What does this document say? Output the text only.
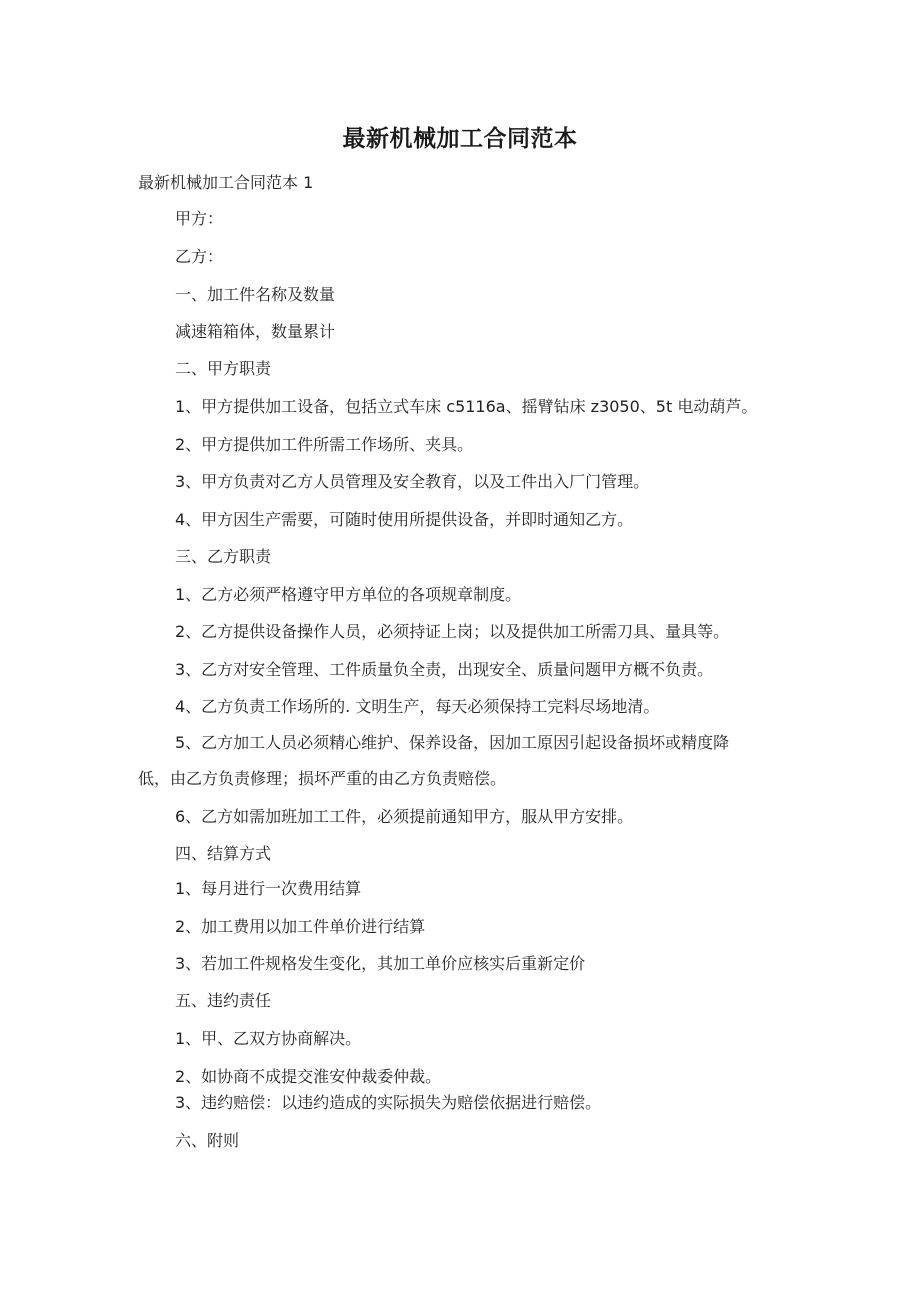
最新机械加工合同范本
最新机械加工合同范本 1
甲方：
乙方：
一、加工件名称及数量
减速箱箱体，数量累计
二、甲方职责
1、甲方提供加工设备，包括立式车床 c5116a、摇臂钻床 z3050、5t 电动葫芦。
2、甲方提供加工件所需工作场所、夹具。
3、甲方负责对乙方人员管理及安全教育，以及工件出入厂门管理。
4、甲方因生产需要，可随时使用所提供设备，并即时通知乙方。
三、乙方职责
1、乙方必须严格遵守甲方单位的各项规章制度。
2、乙方提供设备操作人员，必须持证上岗；以及提供加工所需刀具、量具等。
3、乙方对安全管理、工件质量负全责，出现安全、质量问题甲方概不负责。
4、乙方负责工作场所的. 文明生产，每天必须保持工完料尽场地清。
5、乙方加工人员必须精心维护、保养设备，因加工原因引起设备损坏或精度降
低，由乙方负责修理；损坏严重的由乙方负责赔偿。
6、乙方如需加班加工工件，必须提前通知甲方，服从甲方安排。
四、结算方式
1、每月进行一次费用结算
2、加工费用以加工件单价进行结算
3、若加工件规格发生变化，其加工单价应核实后重新定价
五、违约责任
1、甲、乙双方协商解决。
2、如协商不成提交淮安仲裁委仲裁。
3、违约赔偿：以违约造成的实际损失为赔偿依据进行赔偿。
六、附则
